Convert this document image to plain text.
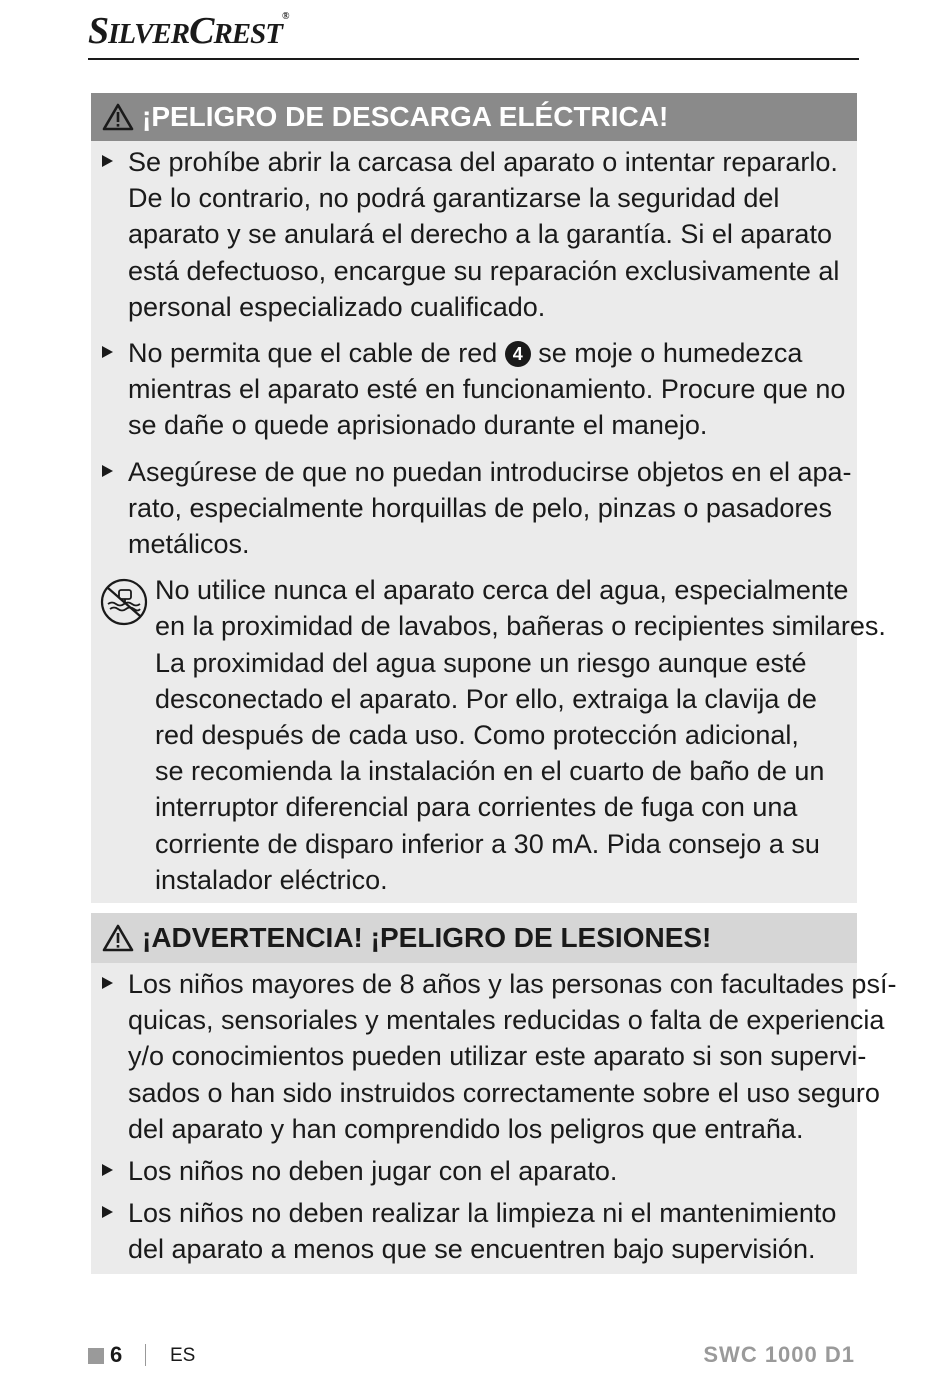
SILVERCREST®
¡PELIGRO DE DESCARGA ELÉCTRICA!
Se prohíbe abrir la carcasa del aparato o intentar repararlo.
De lo contrario, no podrá garantizarse la seguridad del
aparato y se anulará el derecho a la garantía. Si el aparato
está defectuoso, encargue su reparación exclusivamente al
personal especializado cualificado.
No permita que el cable de red 4 se moje o humedezca
mientras el aparato esté en funcionamiento. Procure que no
se dañe o quede aprisionado durante el manejo.
Asegúrese de que no puedan introducirse objetos en el apa-
rato, especialmente horquillas de pelo, pinzas o pasadores
metálicos.
No utilice nunca el aparato cerca del agua, especialmente
en la proximidad de lavabos, bañeras o recipientes similares.
La proximidad del agua supone un riesgo aunque esté
desconectado el aparato. Por ello, extraiga la clavija de
red después de cada uso. Como protección adicional,
se recomienda la instalación en el cuarto de baño de un
interruptor diferencial para corrientes de fuga con una
corriente de disparo inferior a 30 mA. Pida consejo a su
instalador eléctrico.
¡ADVERTENCIA! ¡PELIGRO DE LESIONES!
Los niños mayores de 8 años y las personas con facultades psí-
quicas, sensoriales y mentales reducidas o falta de experiencia
y/o conocimientos pueden utilizar este aparato si son supervi-
sados o han sido instruidos correctamente sobre el uso seguro
del aparato y han comprendido los peligros que entraña.
Los niños no deben jugar con el aparato.
Los niños no deben realizar la limpieza ni el mantenimiento
del aparato a menos que se encuentren bajo supervisión.
6	ES	SWC 1000 D1
